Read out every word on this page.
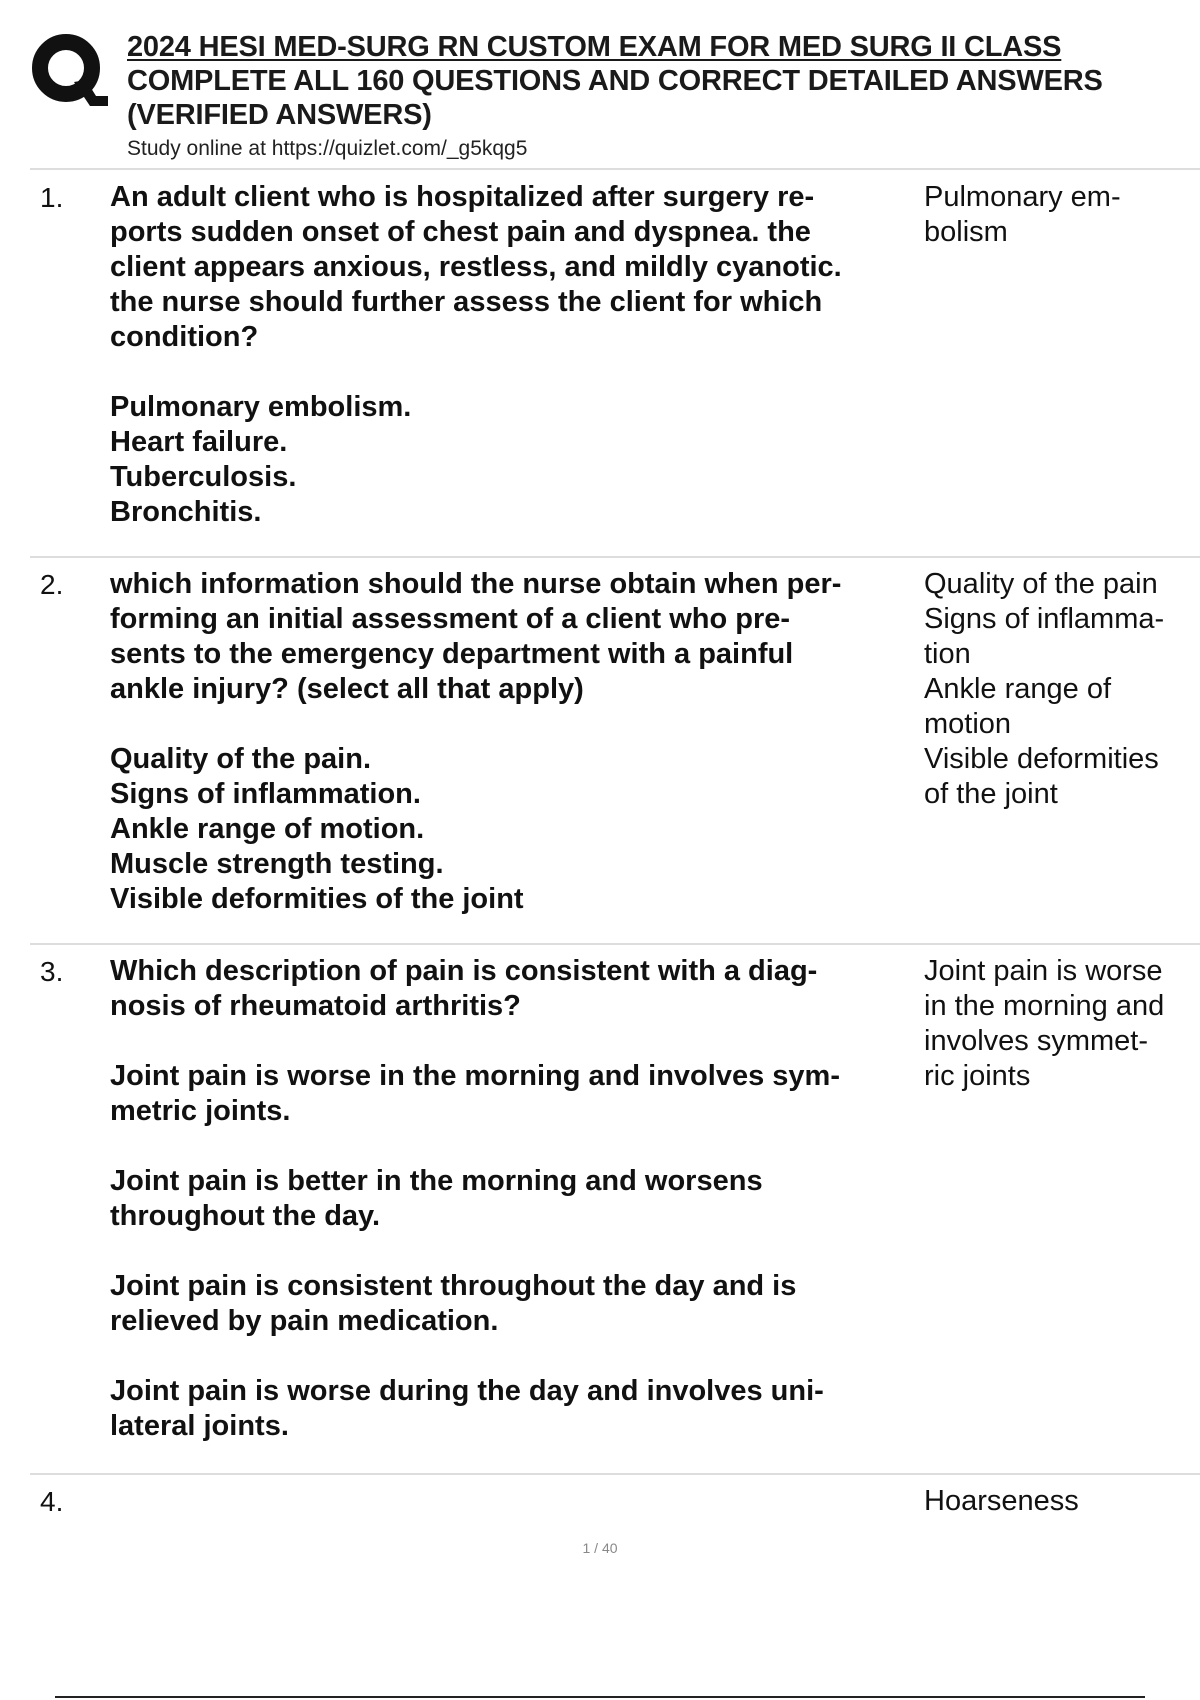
2024 HESI MED-SURG RN CUSTOM EXAM FOR MED SURG II CLASS
COMPLETE ALL 160 QUESTIONS AND CORRECT DETAILED ANSWERS
(VERIFIED ANSWERS)
Study online at https://quizlet.com/_g5kqg5
1. An adult client who is hospitalized after surgery re-

ports sudden onset of chest pain and dyspnea. the

client appears anxious, restless, and mildly cyanotic.

the nurse should further assess the client for which

condition?

Pulmonary embolism.
Heart failure.
Tuberculosis.
Bronchitis.
Pulmonary em-
bolism
2. which information should the nurse obtain when per-

forming an initial assessment of a client who pre-

sents to the emergency department with a painful

ankle injury? (select all that apply)

Quality of the pain.
Signs of inflammation.
Ankle range of motion.
Muscle strength testing.
Visible deformities of the joint
Quality of the pain
Signs of inflamma-
tion
Ankle range of
motion
Visible deformities
of the joint
3. Which description of pain is consistent with a diag-

nosis of rheumatoid arthritis?

Joint pain is worse in the morning and involves sym-
metric joints.
Joint pain is better in the morning and worsens
throughout the day.
Joint pain is consistent throughout the day and is
relieved by pain medication.
Joint pain is worse during the day and involves uni-
lateral joints.
Joint pain is worse
in the morning and
involves symmet-
ric joints
4.	Hoarseness
1 / 40
